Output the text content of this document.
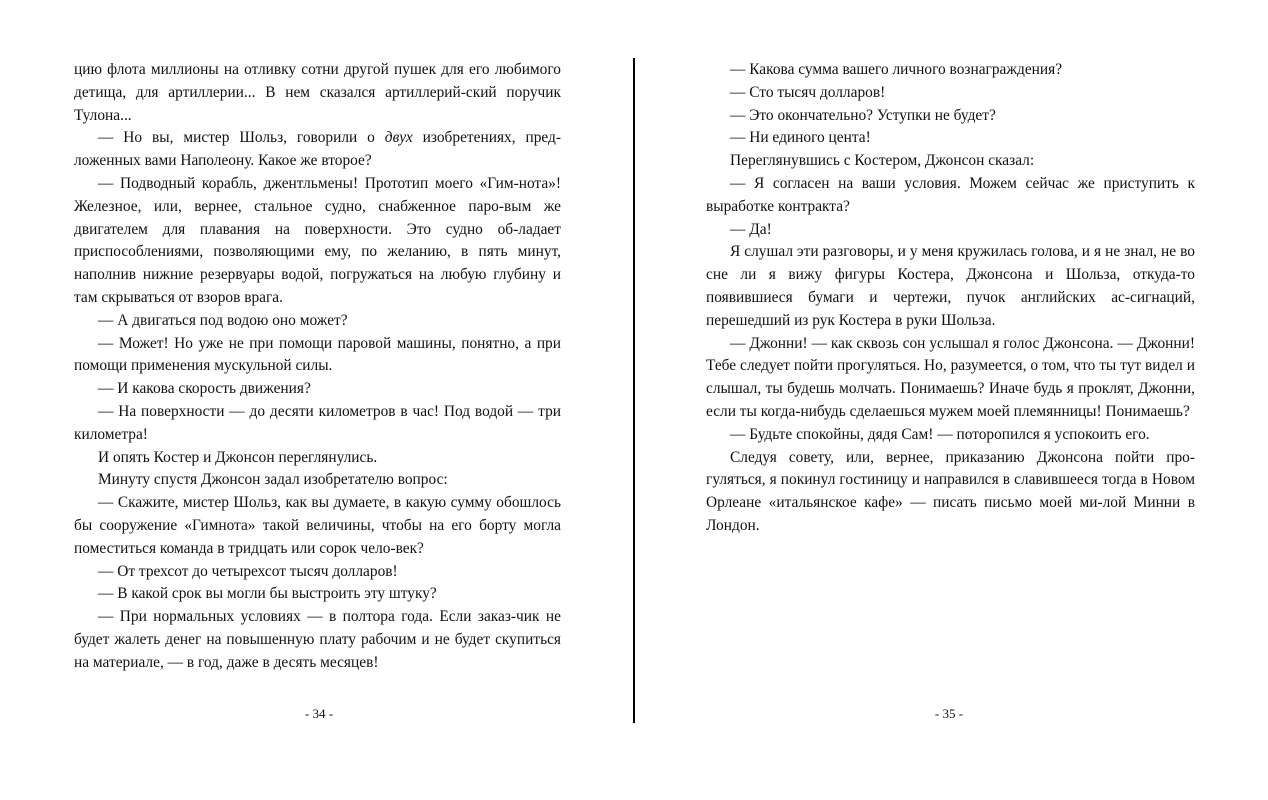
цию флота миллионы на отливку сотни другой пушек для его любимого детища, для артиллерии... В нем сказался артиллерий-ский поручик Тулона...

— Но вы, мистер Шольз, говорили о двух изобретениях, пред-ложенных вами Наполеону. Какое же второе?

— Подводный корабль, джентльмены! Прототип моего «Гим-нота»! Железное, или, вернее, стальное судно, снабженное паро-вым же двигателем для плавания на поверхности. Это судно об-ладает приспособлениями, позволяющими ему, по желанию, в пять минут, наполнив нижние резервуары водой, погружаться на любую глубину и там скрываться от взоров врага.

— А двигаться под водою оно может?

— Может! Но уже не при помощи паровой машины, понятно, а при помощи применения мускульной силы.

— И какова скорость движения?

— На поверхности — до десяти километров в час! Под водой — три километра!

И опять Костер и Джонсон переглянулись.

Минуту спустя Джонсон задал изобретателю вопрос:

— Скажите, мистер Шольз, как вы думаете, в какую сумму обошлось бы сооружение «Гимнота» такой величины, чтобы на его борту могла поместиться команда в тридцать или сорок чело-век?

— От трехсот до четырехсот тысяч долларов!

— В какой срок вы могли бы выстроить эту штуку?

— При нормальных условиях — в полтора года. Если заказ-чик не будет жалеть денег на повышенную плату рабочим и не будет скупиться на материале, — в год, даже в десять месяцев!

— Какова сумма вашего личного вознаграждения?

— Сто тысяч долларов!

— Это окончательно? Уступки не будет?

— Ни единого цента!

Переглянувшись с Костером, Джонсон сказал:

— Я согласен на ваши условия. Можем сейчас же приступить к выработке контракта?

— Да!

Я слушал эти разговоры, и у меня кружилась голова, и я не знал, не во сне ли я вижу фигуры Костера, Джонсона и Шольза, откуда-то появившиеся бумаги и чертежи, пучок английских ас-сигнаций, перешедший из рук Костера в руки Шольза.

— Джонни! — как сквозь сон услышал я голос Джонсона. — Джонни! Тебе следует пойти прогуляться. Но, разумеется, о том, что ты тут видел и слышал, ты будешь молчать. Понимаешь? Иначе будь я проклят, Джонни, если ты когда-нибудь сделаешься мужем моей племянницы! Понимаешь?

— Будьте спокойны, дядя Сам! — поторопился я успокоить его.

Следуя совету, или, вернее, приказанию Джонсона пойти про-гуляться, я покинул гостиницу и направился в славившееся тогда в Новом Орлеане «итальянское кафе» — писать письмо моей ми-лой Минни в Лондон.

- 34 -	- 35 -
